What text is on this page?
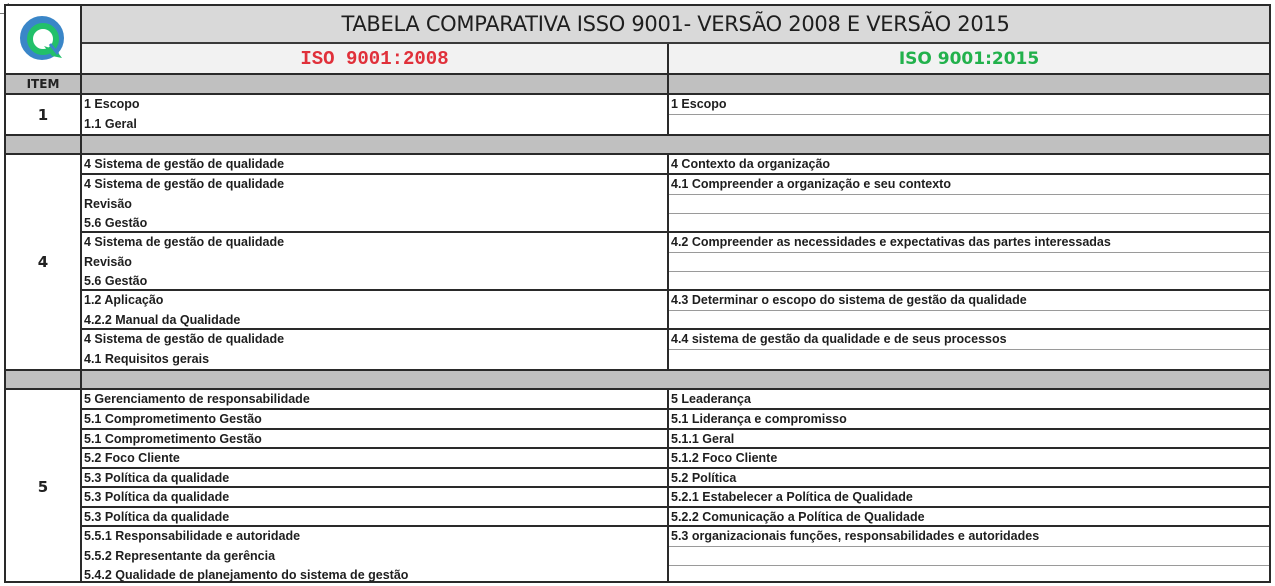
TABELA COMPARATIVA ISSO 9001- VERSÃO 2008 E VERSÃO 2015
ISO 9001:2008	ISO 9001:2015
ITEM
1
1 Escopo
1.1 Geral
1 Escopo
4
4 Sistema de gestão de qualidade
4 Sistema de gestão de qualidade
Revisão
5.6 Gestão
4 Sistema de gestão de qualidade
Revisão
5.6 Gestão
1.2 Aplicação
4.2.2 Manual da Qualidade
4 Sistema de gestão de qualidade
4.1 Requisitos gerais
4 Contexto da organização
4.1 Compreender a organização e seu contexto
4.2 Compreender as necessidades e expectativas das partes interessadas
4.3 Determinar o escopo do sistema de gestão da qualidade
4.4 sistema de gestão da qualidade e de seus processos
5
5 Gerenciamento de responsabilidade
5.1 Comprometimento Gestão
5.1 Comprometimento Gestão
5.2 Foco Cliente
5.3 Política da qualidade
5.3 Política da qualidade
5.3 Política da qualidade
5.5.1 Responsabilidade e autoridade
5.5.2 Representante da gerência
5.4.2 Qualidade de planejamento do sistema de gestão
5 Leaderança
5.1 Liderança e compromisso
5.1.1 Geral
5.1.2 Foco Cliente
5.2 Política
5.2.1 Estabelecer a Política de Qualidade
5.2.2 Comunicação a Política de Qualidade
5.3 organizacionais funções, responsabilidades e autoridades
